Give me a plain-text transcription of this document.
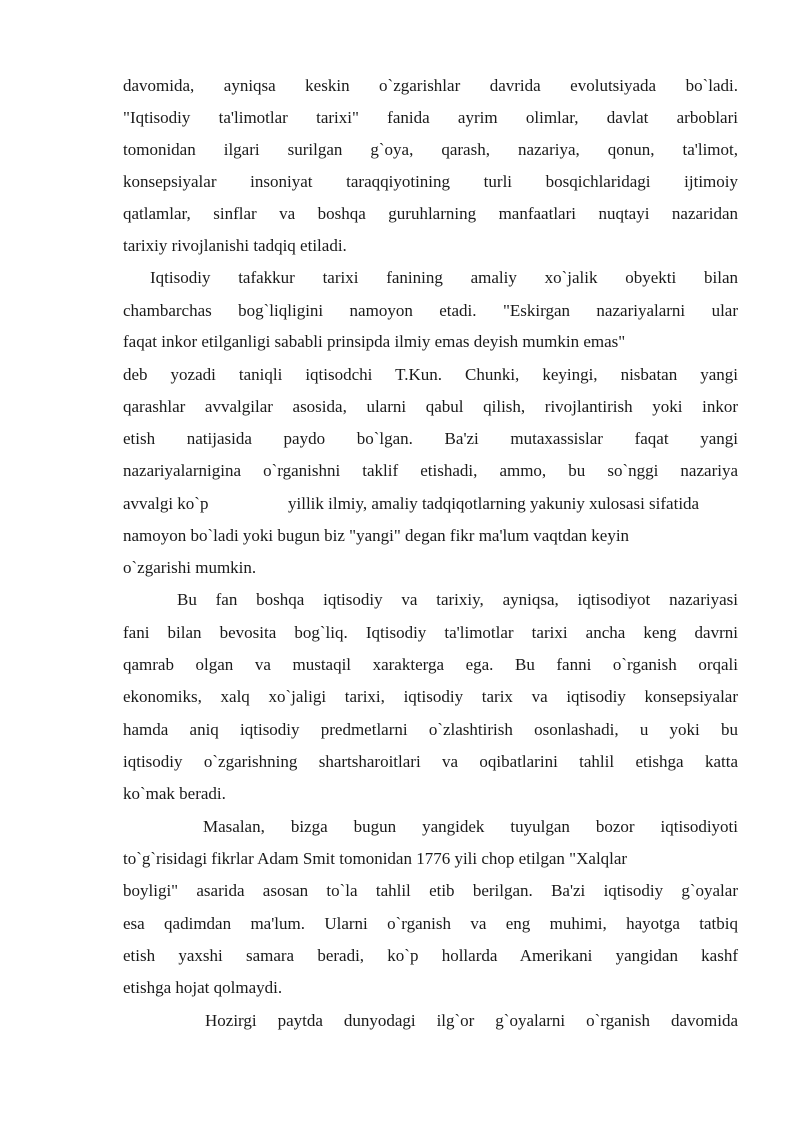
davomida, ayniqsa keskin o`zgarishlar davrida evolutsiyada bo`ladi.
"Iqtisodiy ta'limotlar tarixi" fanida ayrim olimlar, davlat arboblari
tomonidan ilgari surilgan g`oya, qarash, nazariya, qonun, ta'limot,
konsepsiyalar insoniyat taraqqiyotining turli bosqichlaridagi ijtimoiy
qatlamlar, sinflar va boshqa guruhlarning manfaatlari nuqtayi nazaridan
tarixiy rivojlanishi tadqiq etiladi.
Iqtisodiy tafakkur tarixi fanining amaliy xo`jalik obyekti bilan
chambarchas bog`liqligini namoyon etadi. "Eskirgan nazariyalarni ular
faqat inkor etilganligi sababli prinsipda ilmiy emas deyish mumkin emas"
deb yozadi taniqli iqtisodchi T.Kun. Chunki, keyingi, nisbatan yangi
qarashlar avvalgilar asosida, ularni qabul qilish, rivojlantirish yoki inkor
etish natijasida paydo bo`lgan. Ba'zi mutaxassislar faqat yangi
nazariyalarnigina o`rganishni taklif etishadi, ammo, bu so`nggi nazariya
avvalgi ko`p	yillik ilmiy, amaliy tadqiqotlarning yakuniy xulosasi sifatida
namoyon bo`ladi yoki bugun biz "yangi" degan fikr ma'lum vaqtdan keyin
o`zgarishi mumkin.
Bu fan boshqa iqtisodiy va tarixiy, ayniqsa, iqtisodiyot nazariyasi
fani bilan bevosita bog`liq. Iqtisodiy ta'limotlar tarixi ancha keng davrni
qamrab olgan va mustaqil xarakterga ega. Bu fanni o`rganish orqali
ekonomiks, xalq xo`jaligi tarixi, iqtisodiy tarix va iqtisodiy konsepsiyalar
hamda aniq iqtisodiy predmetlarni o`zlashtirish osonlashadi, u yoki bu
iqtisodiy o`zgarishning shartsharoitlari va oqibatlarini tahlil etishga katta
ko`mak beradi.
Masalan, bizga bugun yangidek tuyulgan bozor iqtisodiyoti
to`g`risidagi fikrlar Adam Smit tomonidan 1776 yili chop etilgan "Xalqlar
boyligi" asarida asosan to`la tahlil etib berilgan. Ba'zi iqtisodiy g`oyalar
esa qadimdan ma'lum. Ularni o`rganish va eng muhimi, hayotga tatbiq
etish yaxshi samara beradi, ko`p hollarda Amerikani yangidan kashf
etishga hojat qolmaydi.
Hozirgi paytda dunyodagi ilg`or g`oyalarni o`rganish davomida
